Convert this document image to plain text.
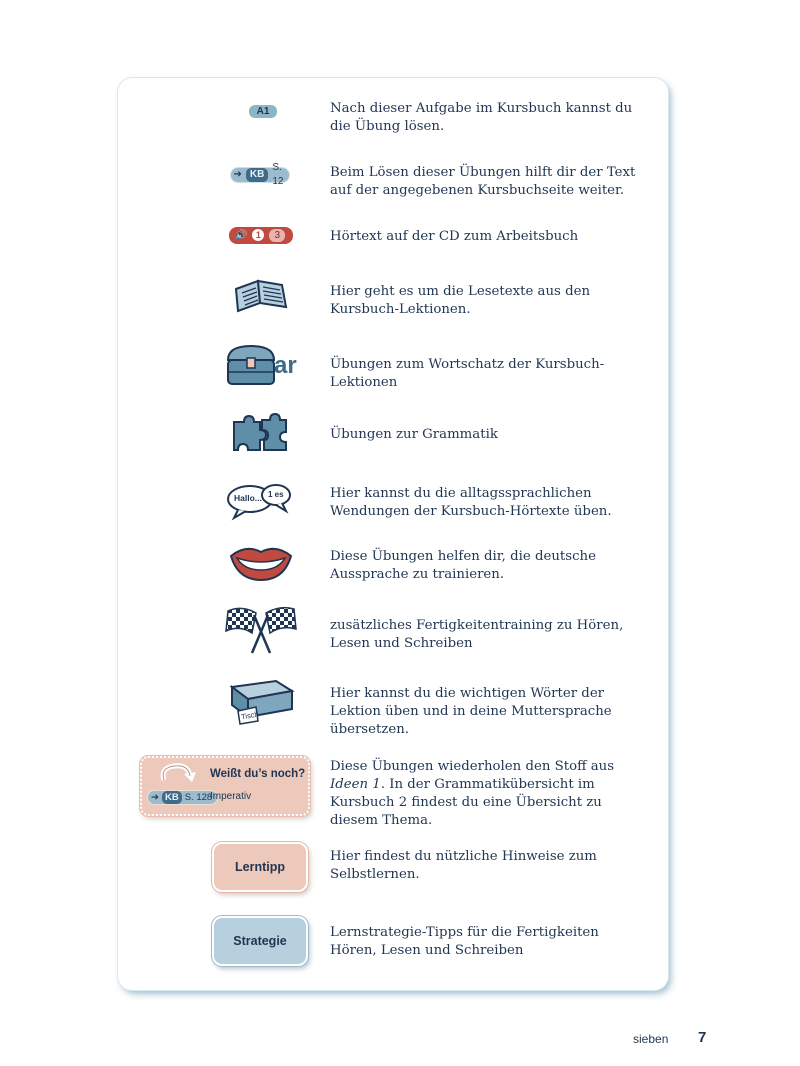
A1	Nach dieser Aufgabe im Kursbuch kannst du die Übung lösen.
➔ KB
S. 12
Beim Lösen dieser Übungen hilft dir der Text auf der angegebenen Kursbuchseite weiter.
🔊 1	3	Hörtext auf der CD zum Arbeitsbuch
Hier geht es um die Lesetexte aus den Kursbuch-Lektionen.
ar	Übungen zum Wortschatz der Kursbuch-Lektionen
Übungen zur Grammatik
Hallo... 1 es	Hier kannst du die alltagssprachlichen Wendungen der Kursbuch-Hörtexte üben.
Diese Übungen helfen dir, die deutsche Aussprache zu trainieren.
zusätzliches Fertigkeitentraining zu Hören, Lesen und Schreiben
Tisch
Hier kannst du die wichtigen Wörter der Lektion üben und in deine Muttersprache übersetzen.
Weißt du’s noch?
➔ KB S. 128
Imperativ
Diese Übungen wiederholen den Stoff aus Ideen 1. In der Grammatikübersicht im Kursbuch 2 findest du eine Übersicht zu diesem Thema.
Lerntipp
Hier findest du nützliche Hinweise zum Selbstlernen.
Strategie
Lernstrategie-Tipps für die Fertigkeiten Hören, Lesen und Schreiben
sieben 7
